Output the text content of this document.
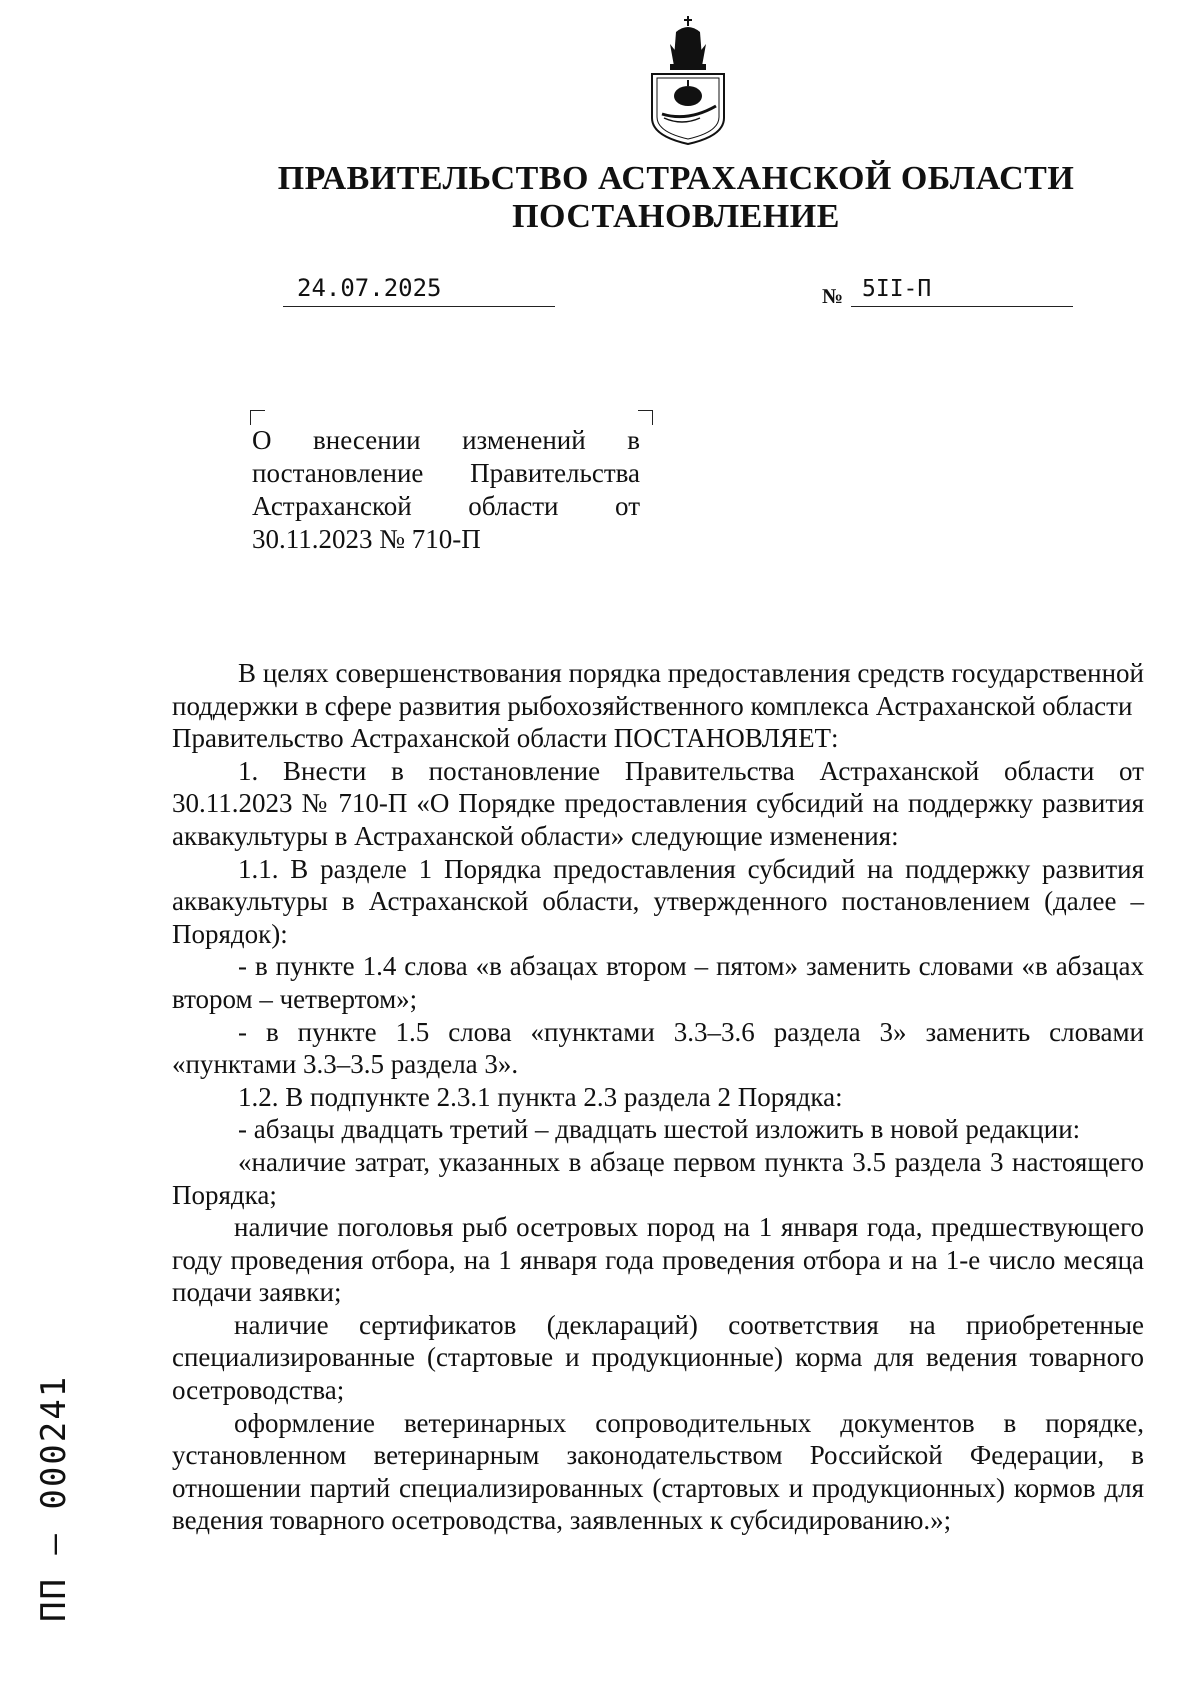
ПРАВИТЕЛЬСТВО АСТРАХАНСКОЙ ОБЛАСТИ
ПОСТАНОВЛЕНИЕ
24.07.2025	№ 5II-П
О внесении изменений в постановление Правительства Астраханской области от 30.11.2023 № 710-П

В целях совершенствования порядка предоставления средств государственной поддержки в сфере развития рыбохозяйственного комплекса Астраханской области

Правительство Астраханской области ПОСТАНОВЛЯЕТ:

1. Внести в постановление Правительства Астраханской области от 30.11.2023 № 710-П «О Порядке предоставления субсидий на поддержку развития аквакультуры в Астраханской области» следующие изменения:

1.1. В разделе 1 Порядка предоставления субсидий на поддержку развития аквакультуры в Астраханской области, утвержденного постановлением (далее – Порядок):

- в пункте 1.4 слова «в абзацах втором – пятом» заменить словами «в абзацах втором – четвертом»;

- в пункте 1.5 слова «пунктами 3.3–3.6 раздела 3» заменить словами «пунктами 3.3–3.5 раздела 3».

1.2. В подпункте 2.3.1 пункта 2.3 раздела 2 Порядка:

- абзацы двадцать третий – двадцать шестой изложить в новой редакции:

«наличие затрат, указанных в абзаце первом пункта 3.5 раздела 3 настоящего Порядка;

наличие поголовья рыб осетровых пород на 1 января года, предшествующего году проведения отбора, на 1 января года проведения отбора и на 1-е число месяца подачи заявки;

наличие сертификатов (деклараций) соответствия на приобретенные специализированные (стартовые и продукционные) корма для ведения товарного осетроводства;

оформление ветеринарных сопроводительных документов в порядке, установленном ветеринарным законодательством Российской Федерации, в отношении партий специализированных (стартовых и продукционных) кормов для ведения товарного осетроводства, заявленных к субсидированию.»;

ПП – 000241
